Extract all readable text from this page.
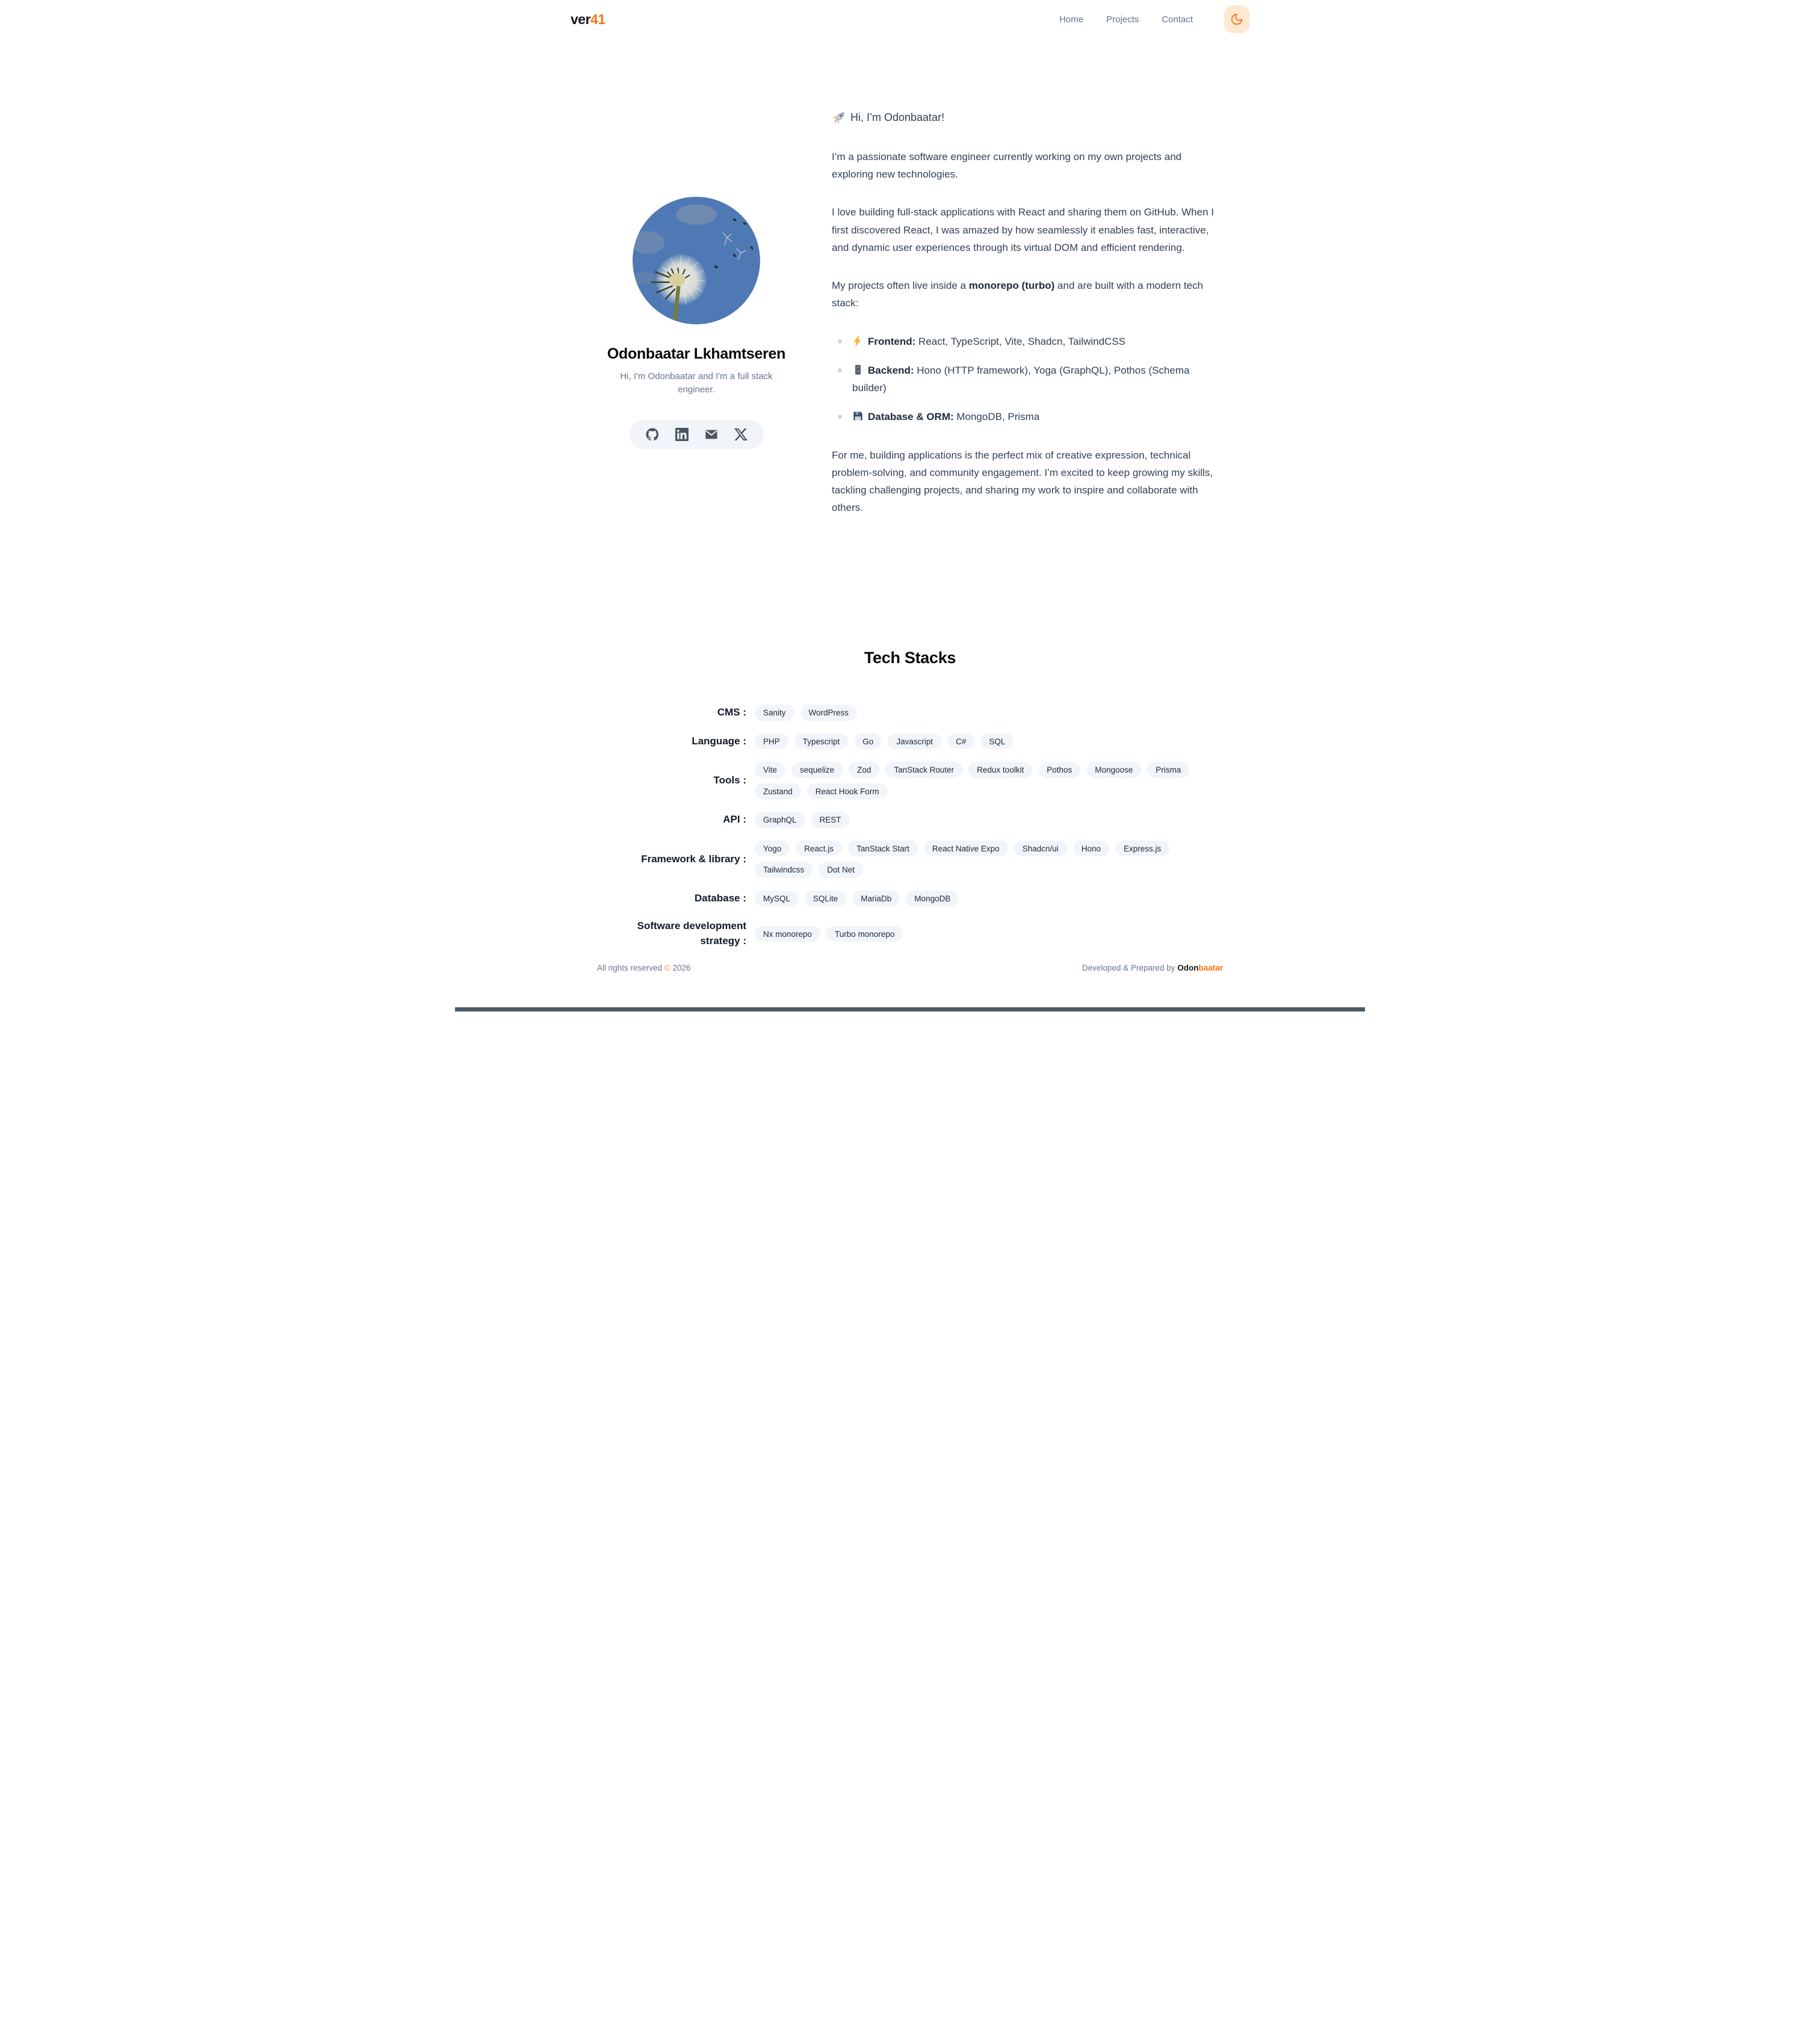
ver41	Home	Projects	Contact
Odonbaatar Lkhamtseren
Hi, I'm Odonbaatar and I'm a full stack engineer.
Hi, I’m Odonbaatar!

I’m a passionate software engineer currently working on my own projects and exploring new technologies.

I love building full-stack applications with React and sharing them on GitHub. When I first discovered React, I was amazed by how seamlessly it enables fast, interactive, and dynamic user experiences through its virtual DOM and efficient rendering.

My projects often live inside a monorepo (turbo) and are built with a modern tech stack:

Frontend: React, TypeScript, Vite, Shadcn, TailwindCSS
Backend: Hono (HTTP framework), Yoga (GraphQL), Pothos (Schema builder)
Database & ORM: MongoDB, Prisma

For me, building applications is the perfect mix of creative expression, technical problem-solving, and community engagement. I’m excited to keep growing my skills, tackling challenging projects, and sharing my work to inspire and collaborate with others.

Tech Stacks
CMS :	Sanity	WordPress
Language :	PHP	Typescript	Go	Javascript	C#	SQL
Tools :
Vite	sequelize	Zod	TanStack Router	Redux toolkit	Pothos	Mongoose	Prisma
Zustand	React Hook Form
API :	GraphQL	REST
Framework & library :
Yogo	React.js	TanStack Start	React Native Expo	Shadcn/ui	Hono	Express.js
Tailwindcss	Dot Net
Database :	MySQL	SQLite	MariaDb	MongoDB
Software development strategy :
Nx monorepo	Turbo monorepo
All rights reserved © 2026	Developed & Prepared by Odonbaatar
